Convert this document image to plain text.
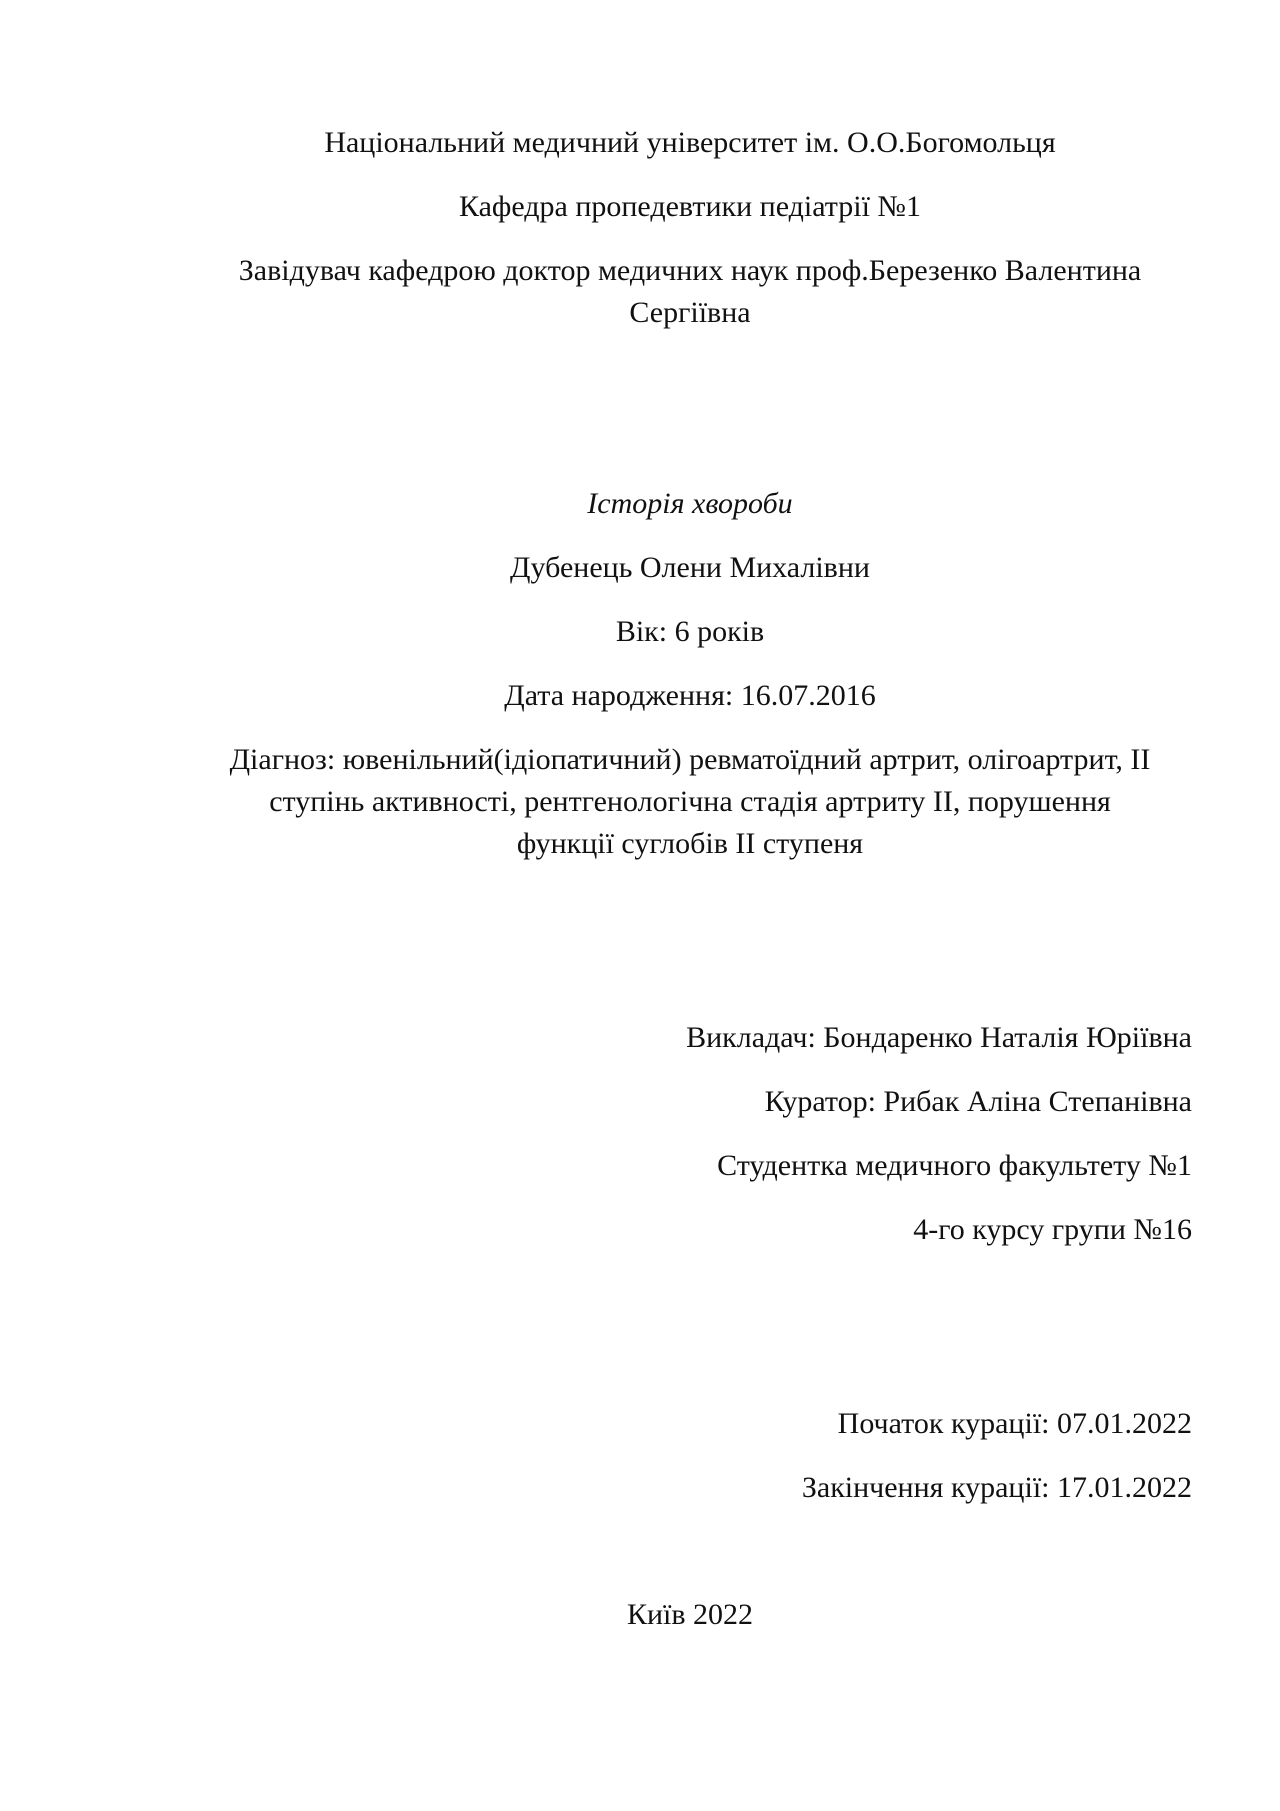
Національний медичний університет ім. О.О.Богомольця
Кафедра пропедевтики педіатрії №1
Завідувач кафедрою доктор медичних наук проф.Березенко Валентина
Сергіївна
Історія хвороби
Дубенець Олени Михалівни
Вік: 6 років
Дата народження: 16.07.2016
Діагноз: ювенільний(ідіопатичний) ревматоїдний артрит, олігоартрит, II
ступінь активності, рентгенологічна стадія артриту II, порушення
функції суглобів II ступеня
Викладач: Бондаренко Наталія Юріївна
Куратор: Рибак Аліна Степанівна
Студентка медичного факультету №1
4-го курсу групи №16
Початок курації: 07.01.2022
Закінчення курації: 17.01.2022
Київ 2022
